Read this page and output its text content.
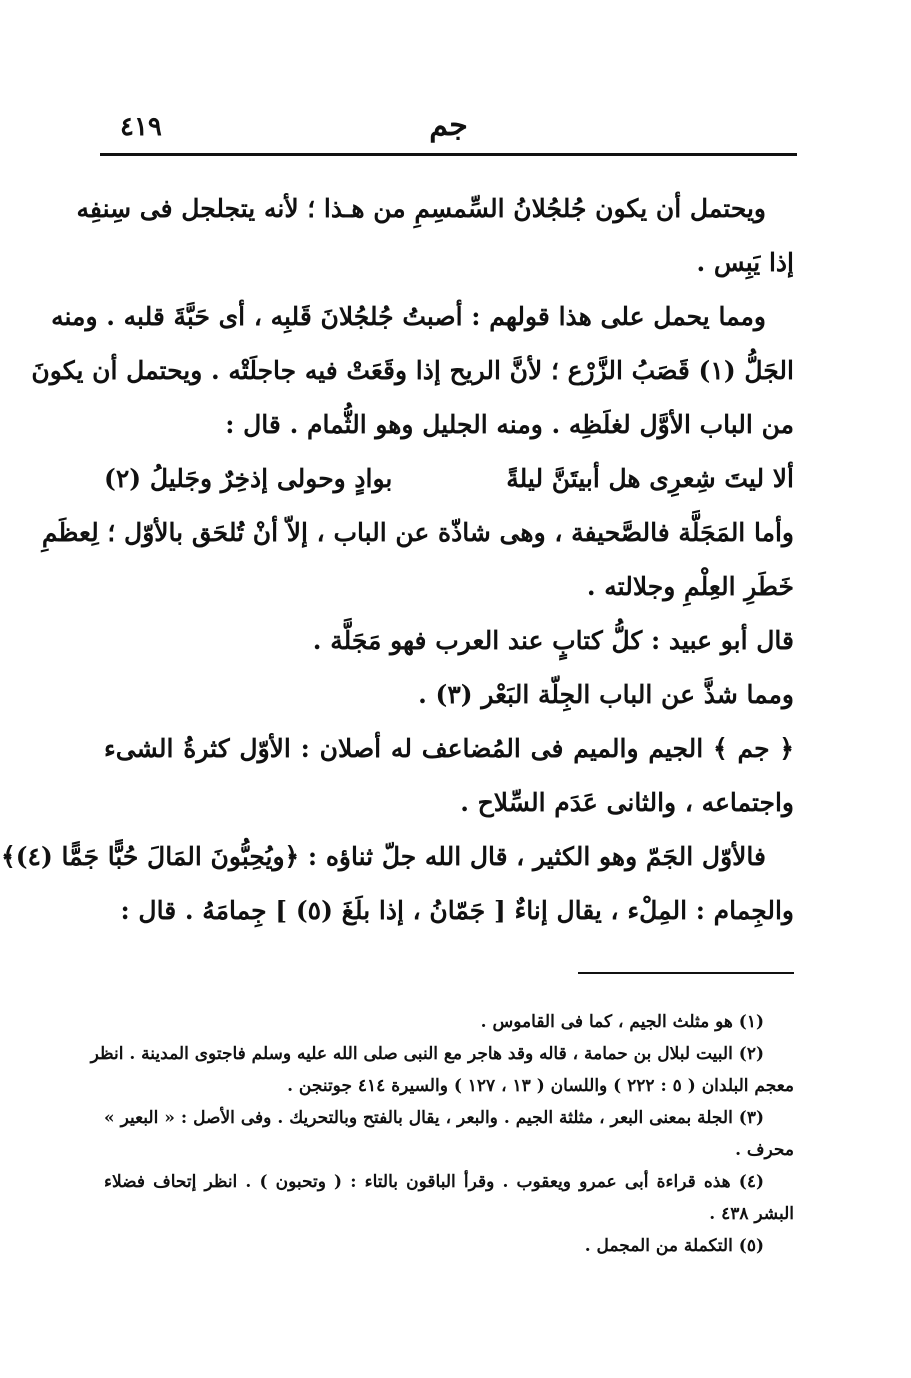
٤١٩	جم
ويحتمل أن يكون جُلجُلانُ السِّمسِمِ من هـذا ؛ لأنه يتجلجل فى سِنفِه
إذا يَبِس .
ومما يحمل على هذا قولهم : أصبتُ جُلجُلانَ قَلبِه ، أى حَبَّةَ قلبه . ومنه
الجَلُّ (١) قَصَبُ الزَّرْع ؛ لأنَّ الريح إذا وقَعَتْ فيه جاجلَتْه . ويحتمل أن يكونَ
من الباب الأوَّل لغلَظِه . ومنه الجليل وهو الثُّمام . قال :
ألا ليتَ شِعرِى هل أبيتَنَّ ليلةً
بوادٍ وحولى إذخِرٌ وجَليلُ (٢)
وأما المَجَلَّة فالصَّحيفة ، وهى شاذّة عن الباب ، إلاّ أنْ تُلحَق بالأوّل ؛ لِعظَمِ
خَطَرِ العِلْمِ وجلالته .
قال أبو عبيد : كلُّ كتابٍ عند العرب فهو مَجَلَّة .
ومما شذَّ عن الباب الجِلّة البَعْر (٣) .
﴿ جم ﴾ الجيم والميم فى المُضاعف له أصلان : الأوّل كثرةُ الشىء
واجتماعه ، والثانى عَدَم السِّلاح .
فالأوّل الجَمّ وهو الكثير ، قال الله جلّ ثناؤه : ﴿ويُحِبُّونَ المَالَ حُبًّا جَمًّا (٤)﴾
والجِمام : المِلْء ، يقال إناءٌ [ جَمّانُ ، إذا بلَغَ (٥) ] جِمامَهُ . قال :
(١) هو مثلث الجيم ، كما فى القاموس .
(٢) البيت لبلال بن حمامة ، قاله وقد هاجر مع النبى صلى الله عليه وسلم فاجتوى المدينة . انظر
معجم البلدان ( ٥ : ٢٢٢ ) واللسان ( ١٣ ، ١٢٧ ) والسيرة ٤١٤ جوتنجن .
(٣) الجلة بمعنى البعر ، مثلثة الجيم . والبعر ، يقال بالفتح وبالتحريك . وفى الأصل : « البعير »
محرف .
(٤) هذه قراءة أبى عمرو ويعقوب . وقرأ الباقون بالتاء : ( وتحبون ) . انظر إتحاف فضلاء
البشر ٤٣٨ .
(٥) التكملة من المجمل .
